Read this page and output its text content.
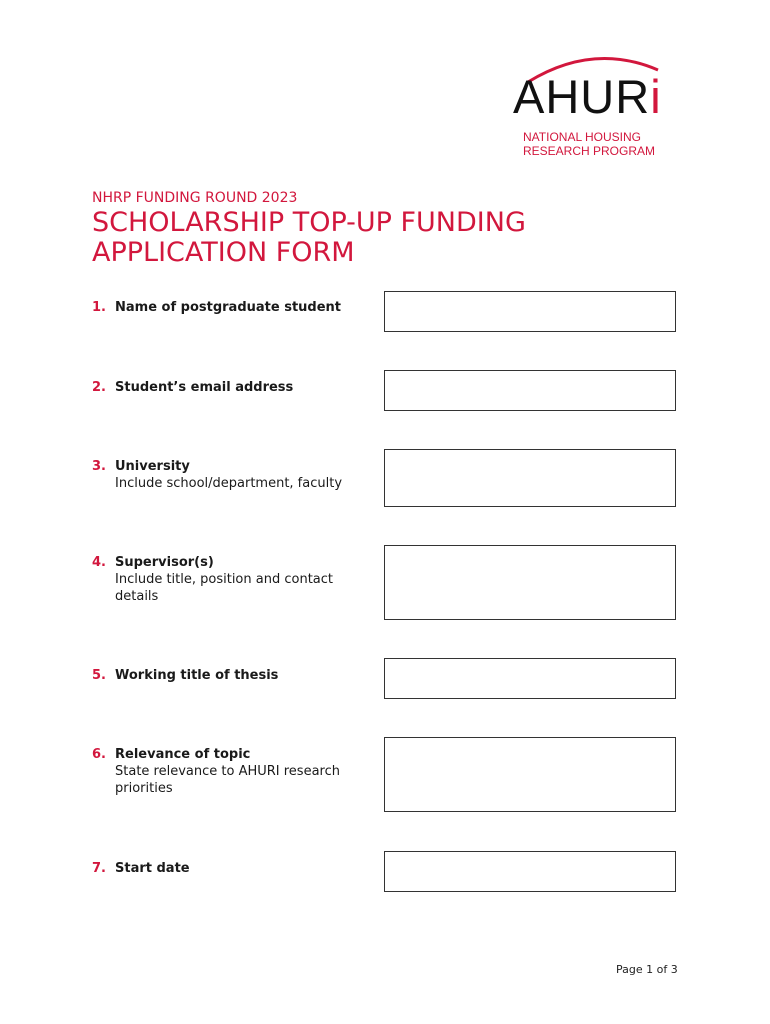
AHURi
NATIONAL HOUSING
RESEARCH PROGRAM
NHRP FUNDING ROUND 2023
SCHOLARSHIP TOP-UP FUNDING APPLICATION FORM
1. Name of postgraduate student
2. Student’s email address
3. University
Include school/department, faculty
4. Supervisor(s)
Include title, position and contact details
5. Working title of thesis
6. Relevance of topic
State relevance to AHURI research priorities
7. Start date
Page 1 of 3
